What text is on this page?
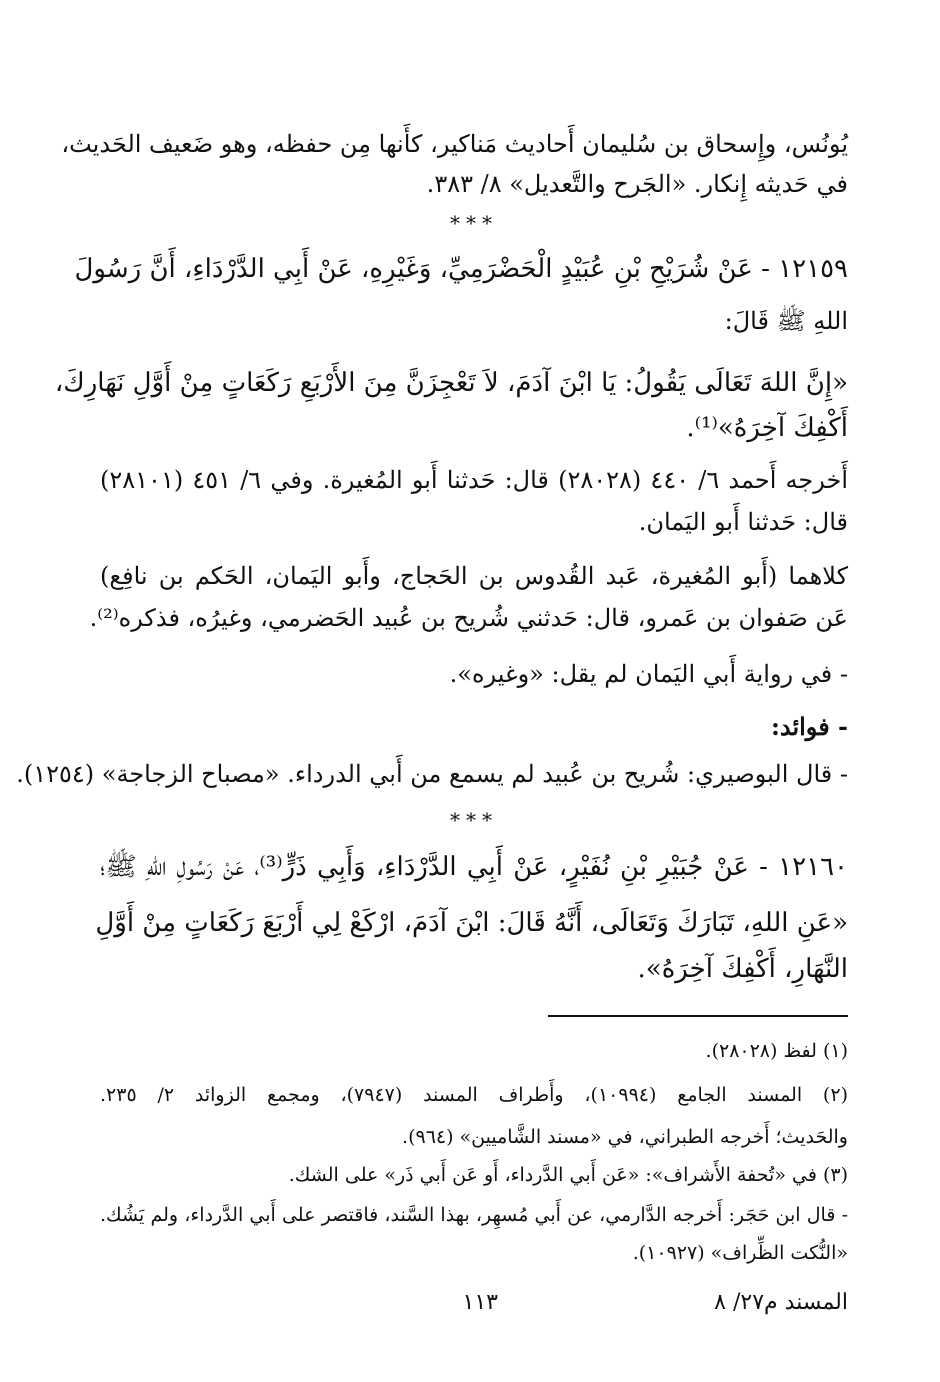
يُونُس، وإِسحاق بن سُليمان أَحاديث مَناكير، كأَنها مِن حفظه، وهو ضَعيف الحَديث،
في حَديثه إِنكار. «الجَرح والتَّعديل» ٨/ ٣٨٣.
***
١٢١٥٩ - عَنْ شُرَيْحِ بْنِ عُبَيْدٍ الْحَضْرَمِيِّ، وَغَيْرِهِ، عَنْ أَبِي الدَّرْدَاءِ، أَنَّ رَسُولَ
اللهِ ﷺ قَالَ:
«إِنَّ اللهَ تَعَالَى يَقُولُ: يَا ابْنَ آدَمَ، لاَ تَعْجِزَنَّ مِنَ الأَرْبَعِ رَكَعَاتٍ مِنْ أَوَّلِ نَهَارِكَ،
أَكْفِكَ آخِرَهُ»⁽¹⁾.
أَخرجه أَحمد ٦/ ٤٤٠ (٢٨٠٢٨) قال: حَدثنا أَبو المُغيرة. وفي ٦/ ٤٥١ (٢٨١٠١)
قال: حَدثنا أَبو اليَمان.
كلاهما (أَبو المُغيرة، عَبد القُدوس بن الحَجاج، وأَبو اليَمان، الحَكم بن نافِع)
عَن صَفوان بن عَمرو، قال: حَدثني شُريح بن عُبيد الحَضرمي، وغيرُه، فذكره⁽²⁾.
- في رواية أَبي اليَمان لم يقل: «وغيره».
- فوائد:
- قال البوصيري: شُريح بن عُبيد لم يسمع من أَبي الدرداء. «مصباح الزجاجة» (١٢٥٤).
***
١٢١٦٠ - عَنْ جُبَيْرِ بْنِ نُفَيْرٍ، عَنْ أَبِي الدَّرْدَاءِ، وَأَبِي ذَرٍّ⁽³⁾، عَنْ رَسُولِ اللهِ ﷺ؛
«عَنِ اللهِ، تَبَارَكَ وَتَعَالَى، أَنَّهُ قَالَ: ابْنَ آدَمَ، ارْكَعْ لِي أَرْبَعَ رَكَعَاتٍ مِنْ أَوَّلِ
النَّهَارِ، أَكْفِكَ آخِرَهُ».
(١) لفظ (٢٨٠٢٨).
(٢) المسند الجامع (١٠٩٩٤)، وأَطراف المسند (٧٩٤٧)، ومجمع الزوائد ٢/ ٢٣٥.
والحَديث؛ أَخرجه الطبراني، في «مسند الشَّاميين» (٩٦٤).
(٣) في «تُحفة الأَشراف»: «عَن أَبي الدَّرداء، أَو عَن أَبي ذَر» على الشك.
- قال ابن حَجَر: أَخرجه الدَّارمي، عن أَبي مُسهِر، بهذا السَّند، فاقتصر على أَبي الدَّرداء، ولم يَشُك.
«النُّكت الظِّراف» (١٠٩٢٧).
المسند م٢٧/ ٨
١١٣
